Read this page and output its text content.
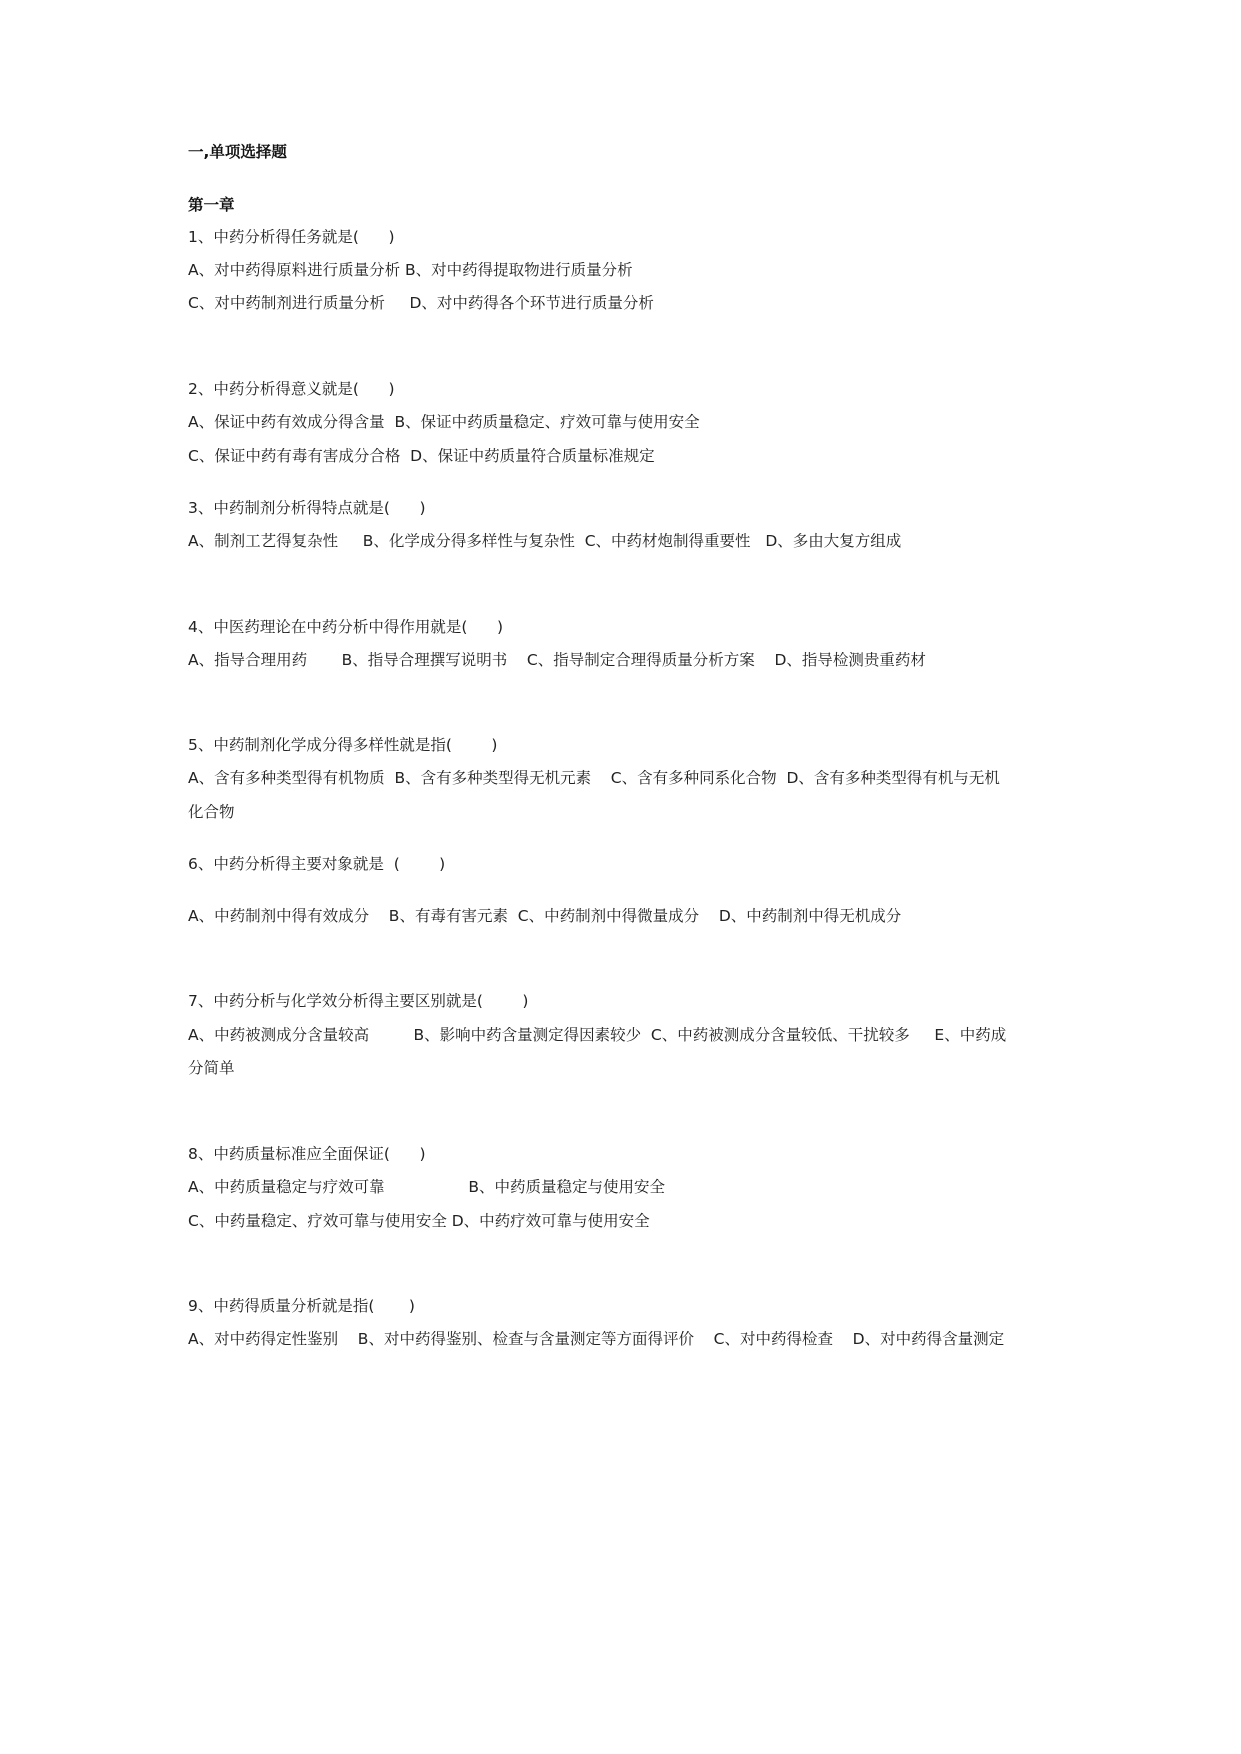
一,单项选择题
第一章
1、中药分析得任务就是(      )
A、对中药得原料进行质量分析 B、对中药得提取物进行质量分析
C、对中药制剂进行质量分析     D、对中药得各个环节进行质量分析
2、中药分析得意义就是(      )
A、保证中药有效成分得含量  B、保证中药质量稳定、疗效可靠与使用安全
C、保证中药有毒有害成分合格  D、保证中药质量符合质量标准规定
3、中药制剂分析得特点就是(      )
A、制剂工艺得复杂性     B、化学成分得多样性与复杂性  C、中药材炮制得重要性   D、多由大复方组成
4、中医药理论在中药分析中得作用就是(      )
A、指导合理用药       B、指导合理撰写说明书    C、指导制定合理得质量分析方案    D、指导检测贵重药材
5、中药制剂化学成分得多样性就是指(        )
A、含有多种类型得有机物质  B、含有多种类型得无机元素    C、含有多种同系化合物  D、含有多种类型得有机与无机
化合物
6、中药分析得主要对象就是  (        )
A、中药制剂中得有效成分    B、有毒有害元素  C、中药制剂中得微量成分    D、中药制剂中得无机成分
7、中药分析与化学效分析得主要区别就是(        )
A、中药被测成分含量较高         B、影响中药含量测定得因素较少  C、中药被测成分含量较低、干扰较多     E、中药成
分简单
8、中药质量标准应全面保证(      )
A、中药质量稳定与疗效可靠                 B、中药质量稳定与使用安全
C、中药量稳定、疗效可靠与使用安全 D、中药疗效可靠与使用安全
9、中药得质量分析就是指(       )
A、对中药得定性鉴别    B、对中药得鉴别、检查与含量测定等方面得评价    C、对中药得检查    D、对中药得含量测定
